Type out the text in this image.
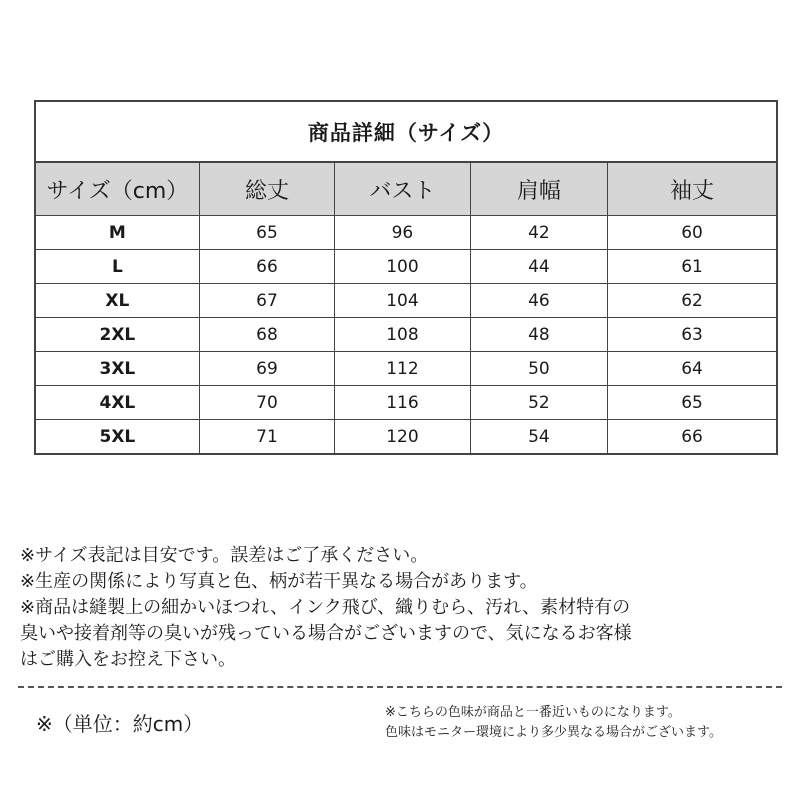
商品詳細（サイズ）				
サイズ（cm）	総丈	バスト	肩幅	袖丈
M	65	96	42	60
L	66	100	44	61
XL	67	104	46	62
2XL	68	108	48	63
3XL	69	112	50	64
4XL	70	116	52	65
5XL	71	120	54	66

※サイズ表記は目安です。誤差はご了承ください。

※生産の関係により写真と色、柄が若干異なる場合があります。

※商品は縫製上の細かいほつれ、インク飛び、織りむら、汚れ、素材特有の

臭いや接着剤等の臭いが残っている場合がございますので、気になるお客様

はご購入をお控え下さい。

※（単位：約cm）	※こちらの色味が商品と一番近いものになります。

色味はモニター環境により多少異なる場合がございます。
